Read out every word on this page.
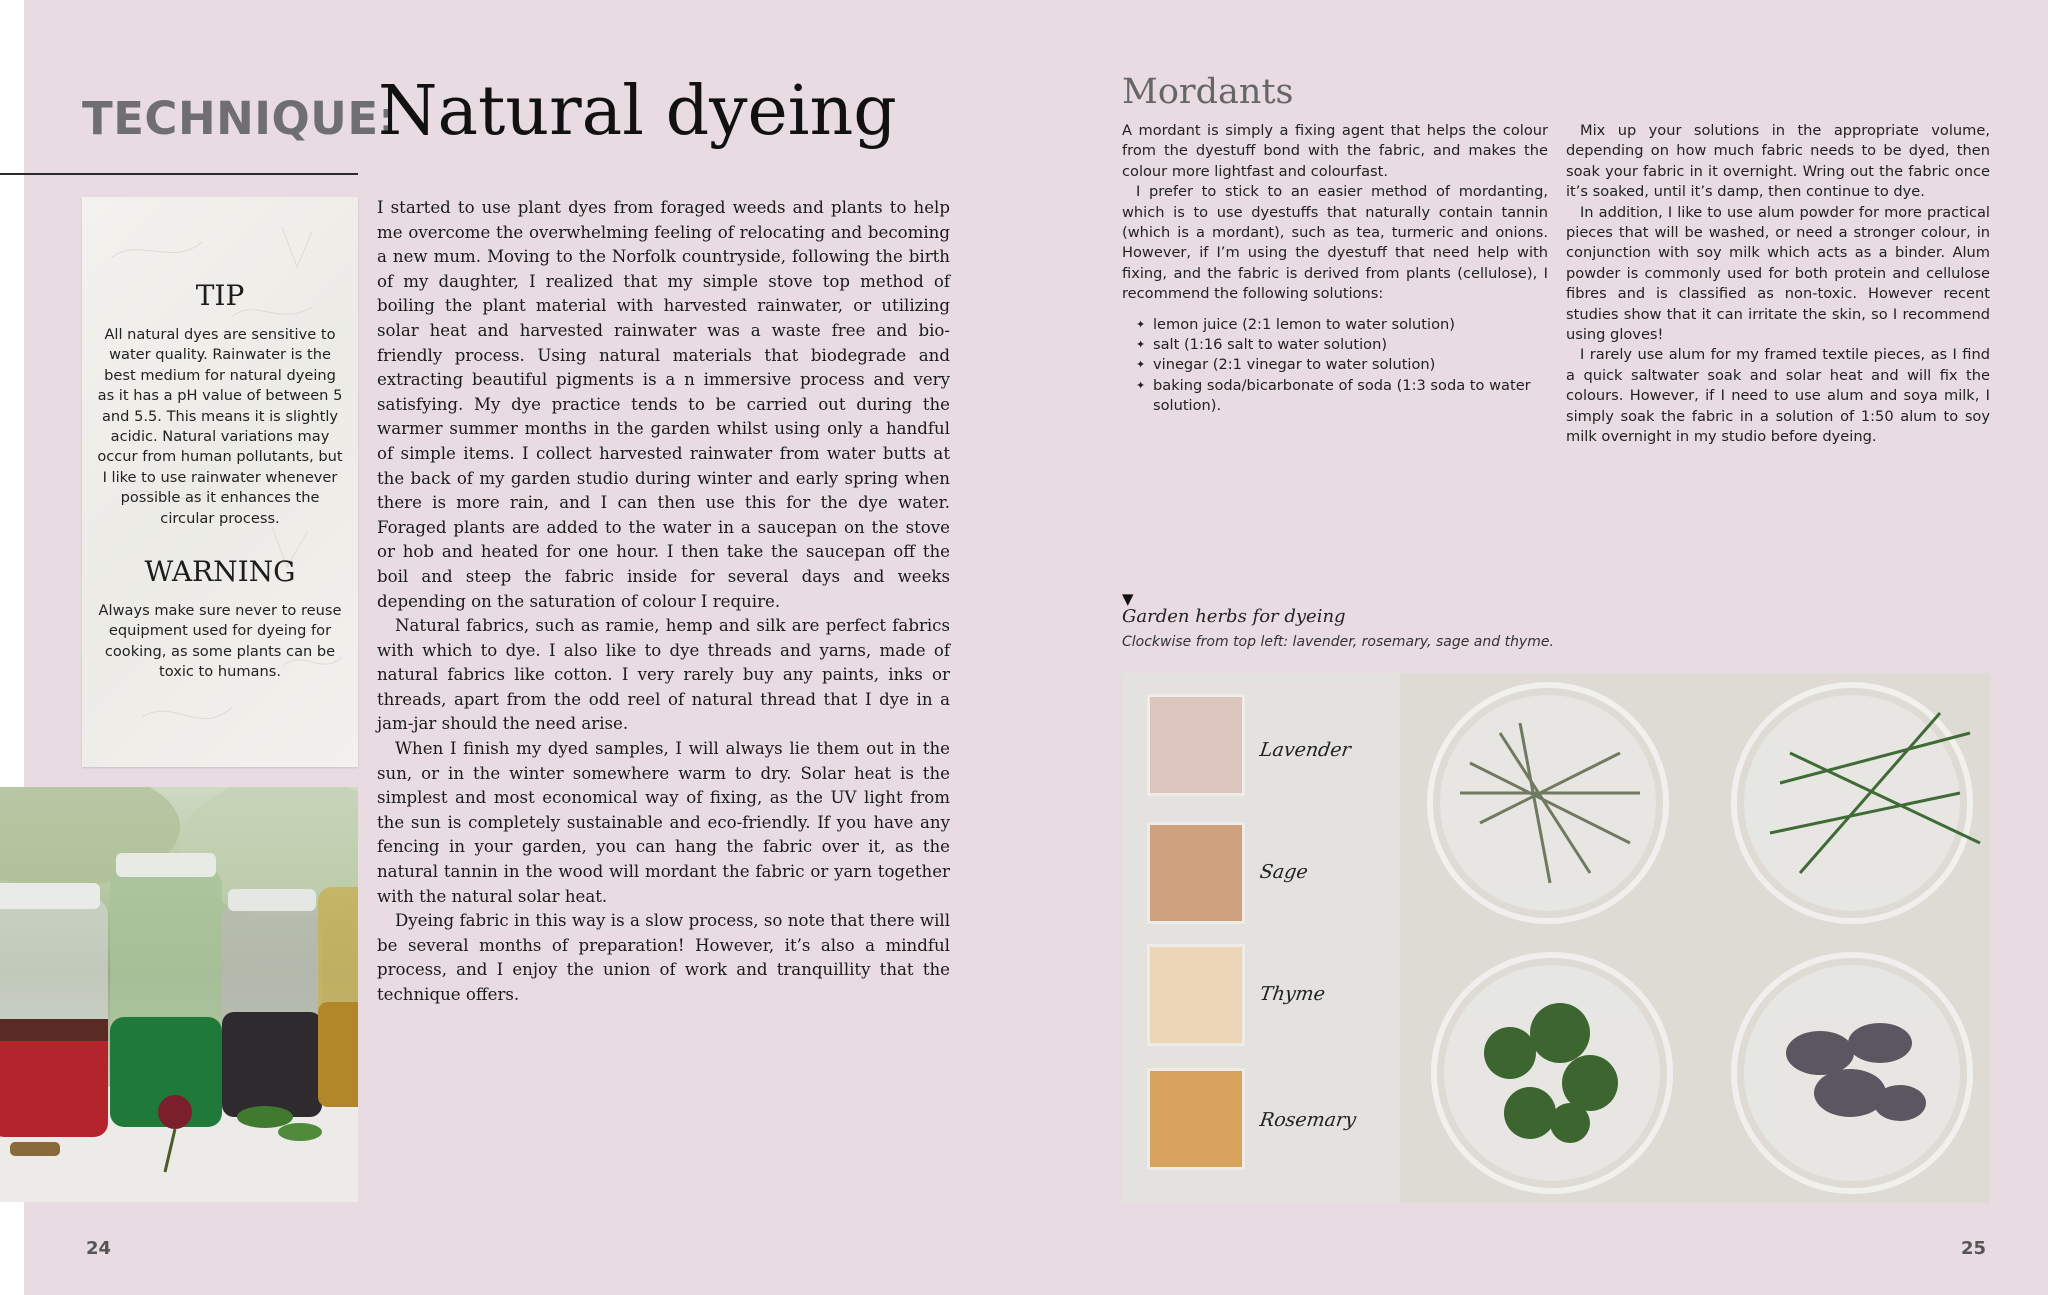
TECHNIQUE:
Natural dyeing
TIP
All natural dyes are sensitive to water quality. Rainwater is the best medium for natural dyeing as it has a pH value of between 5 and 5.5. This means it is slightly acidic. Natural variations may occur from human pollutants, but I like to use rainwater whenever possible as it enhances the circular process.
WARNING
Always make sure never to reuse equipment used for dyeing for cooking, as some plants can be toxic to humans.

I started to use plant dyes from foraged weeds and plants to help me overcome the overwhelming feeling of relocating and becoming a new mum. Moving to the Norfolk countryside, following the birth of my daughter, I realized that my simple stove top method of boiling the plant material with harvested rainwater, or utilizing solar heat and harvested rainwater was a waste free and bio-friendly process. Using natural materials that biodegrade and extracting beautiful pigments is a n immersive process and very satisfying. My dye practice tends to be carried out during the warmer summer months in the garden whilst using only a handful of simple items. I collect harvested rainwater from water butts at the back of my garden studio during winter and early spring when there is more rain, and I can then use this for the dye water. Foraged plants are added to the water in a saucepan on the stove or hob and heated for one hour. I then take the saucepan off the boil and steep the fabric inside for several days and weeks depending on the saturation of colour I require.

Natural fabrics, such as ramie, hemp and silk are perfect fabrics with which to dye. I also like to dye threads and yarns, made of natural fabrics like cotton. I very rarely buy any paints, inks or threads, apart from the odd reel of natural thread that I dye in a jam-jar should the need arise.

When I finish my dyed samples, I will always lie them out in the sun, or in the winter somewhere warm to dry. Solar heat is the simplest and most economical way of fixing, as the UV light from the sun is completely sustainable and eco-friendly. If you have any fencing in your garden, you can hang the fabric over it, as the natural tannin in the wood will mordant the fabric or yarn together with the natural solar heat.

Dyeing fabric in this way is a slow process, so note that there will be several months of preparation! However, it’s also a mindful process, and I enjoy the union of work and tranquillity that the technique offers.

24
Mordants

A mordant is simply a fixing agent that helps the colour from the dyestuff bond with the fabric, and makes the colour more lightfast and colourfast.

I prefer to stick to an easier method of mordanting, which is to use dyestuffs that naturally contain tannin (which is a mordant), such as tea, turmeric and onions. However, if I’m using the dyestuff that need help with fixing, and the fabric is derived from plants (cellulose), I recommend the following solutions:

✦ lemon juice (2:1 lemon to water solution)
✦ salt (1:16 salt to water solution)
✦ vinegar (2:1 vinegar to water solution)
✦ baking soda/bicarbonate of soda (1:3 soda to water solution).

Mix up your solutions in the appropriate volume, depending on how much fabric needs to be dyed, then soak your fabric in it overnight. Wring out the fabric once it’s soaked, until it’s damp, then continue to dye.

In addition, I like to use alum powder for more practical pieces that will be washed, or need a stronger colour, in conjunction with soy milk which acts as a binder. Alum powder is commonly used for both protein and cellulose fibres and is classified as non-toxic. However recent studies show that it can irritate the skin, so I recommend using gloves!

I rarely use alum for my framed textile pieces, as I find a quick saltwater soak and solar heat and will fix the colours. However, if I need to use alum and soya milk, I simply soak the fabric in a solution of 1:50 alum to soy milk overnight in my studio before dyeing.

▼
Garden herbs for dyeing
Clockwise from top left: lavender, rosemary, sage and thyme.
Lavender
Sage
Thyme
Rosemary
25
